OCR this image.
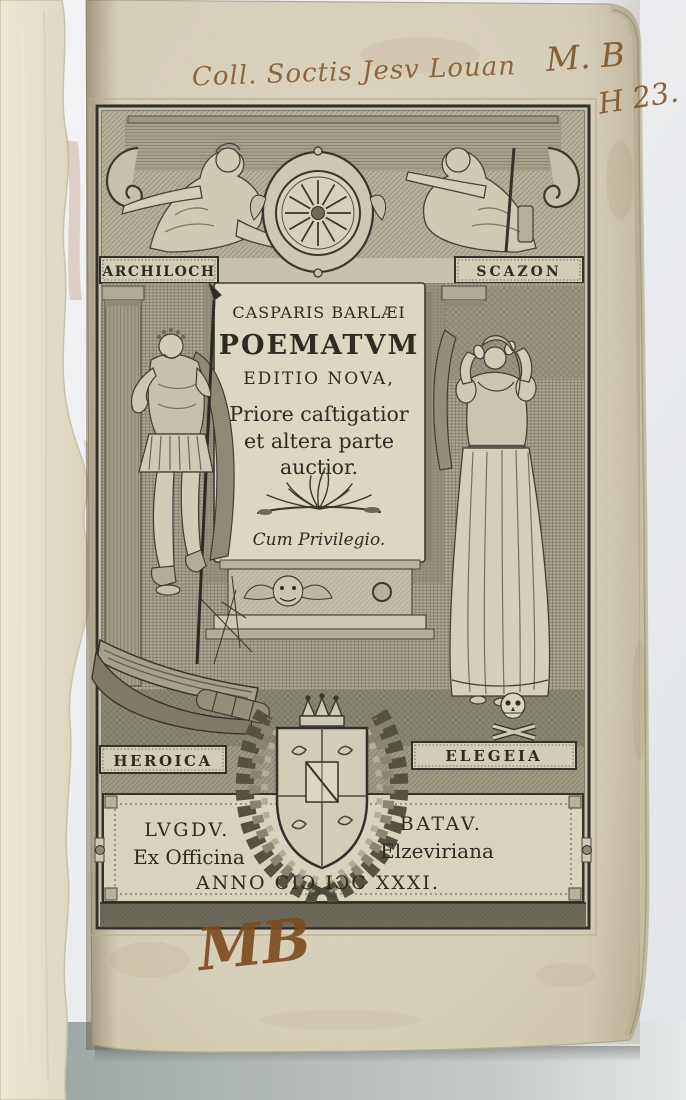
ARCHILOCH	SCAZON
CASPARIS BARLÆI
POEMATVM
EDITIO NOVA,
Priore caſtigatior
et altera parte
auctior.
Cum Privilegio.
HEROICA	ELEGEIA
LVGDV.	BATAV.
Ex Officina	Elzeviriana
ANNO CIƆ IƆC XXXI.
Coll. Soctis Jesv Louan M. B
H 23.
MB
